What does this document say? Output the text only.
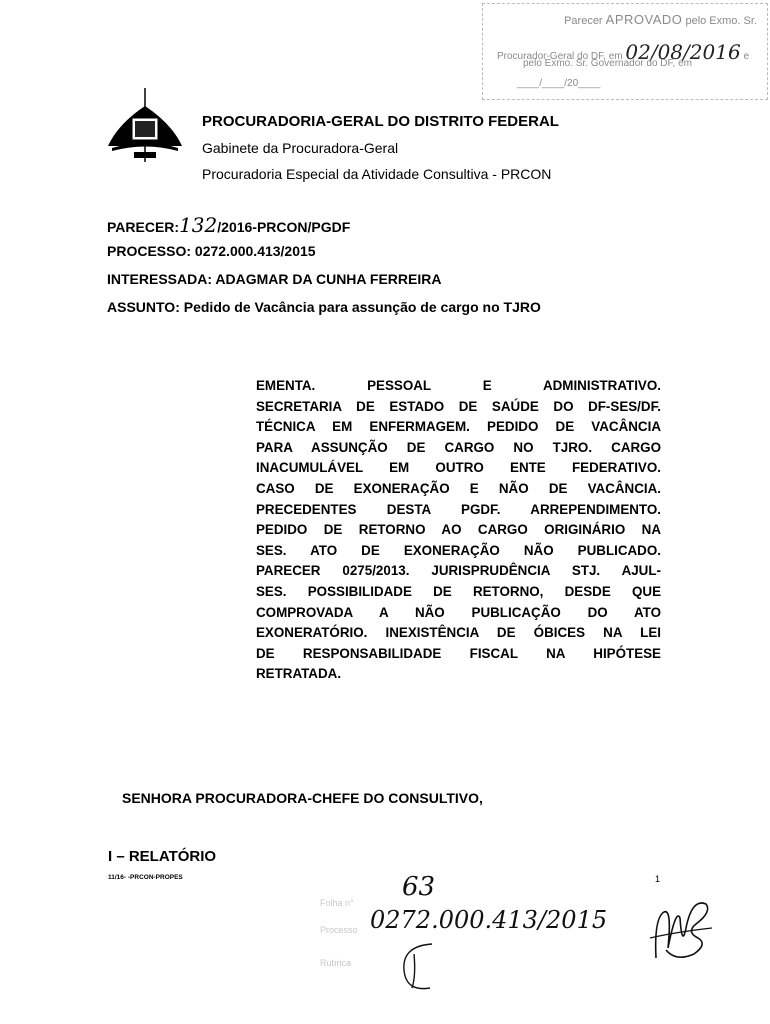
Parecer APROVADO pelo Exmo. Sr.
Procurador-Geral do DF, em 02/08/2016 e
pelo Exmo. Sr. Governador do DF, em
____/____/20____
PROCURADORIA-GERAL DO DISTRITO FEDERAL
Gabinete da Procuradora-Geral
Procuradoria Especial da Atividade Consultiva - PRCON
PARECER:132/2016-PRCON/PGDF
PROCESSO: 0272.000.413/2015
INTERESSADA: ADAGMAR DA CUNHA FERREIRA
ASSUNTO: Pedido de Vacância para assunção de cargo no TJRO
EMENTA. PESSOAL E ADMINISTRATIVO.
SECRETARIA DE ESTADO DE SAÚDE DO DF-SES/DF.
TÉCNICA EM ENFERMAGEM. PEDIDO DE VACÂNCIA
PARA ASSUNÇÃO DE CARGO NO TJRO. CARGO
INACUMULÁVEL EM OUTRO ENTE FEDERATIVO.
CASO DE EXONERAÇÃO E NÃO DE VACÂNCIA.
PRECEDENTES DESTA PGDF. ARREPENDIMENTO.
PEDIDO DE RETORNO AO CARGO ORIGINÁRIO NA
SES. ATO DE EXONERAÇÃO NÃO PUBLICADO.
PARECER 0275/2013. JURISPRUDÊNCIA STJ. AJUL-
SES. POSSIBILIDADE DE RETORNO, DESDE QUE
COMPROVADA A NÃO PUBLICAÇÃO DO ATO
EXONERATÓRIO. INEXISTÊNCIA DE ÓBICES NA LEI
DE RESPONSABILIDADE FISCAL NA HIPÓTESE
RETRATADA.
SENHORA PROCURADORA-CHEFE DO CONSULTIVO,
I – RELATÓRIO
11/16- -PRCON-PROPES	1
Folha n°
63
Processo 0272.000.413/2015
Rubrica
